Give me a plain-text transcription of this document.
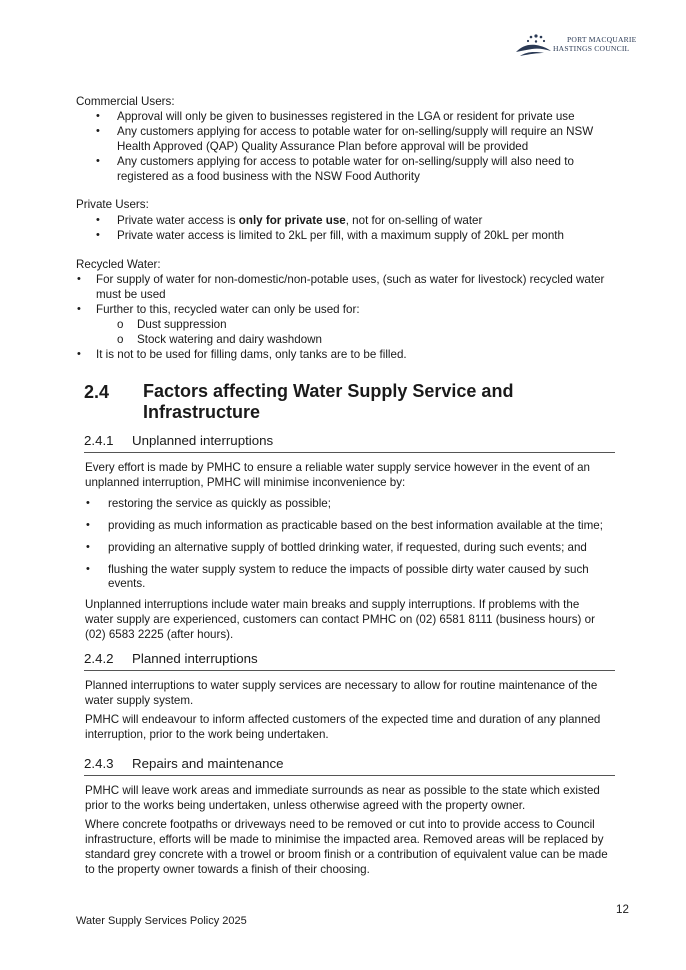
PORT MACQUARIE
HASTINGS COUNCIL
Commercial Users:
• Approval will only be given to businesses registered in the LGA or resident for private use
• Any customers applying for access to potable water for on-selling/supply will require an NSW
Health Approved (QAP) Quality Assurance Plan before approval will be provided
• Any customers applying for access to potable water for on-selling/supply will also need to
registered as a food business with the NSW Food Authority
Private Users:
• Private water access is only for private use, not for on-selling of water
• Private water access is limited to 2kL per fill, with a maximum supply of 20kL per month
Recycled Water:
• For supply of water for non-domestic/non-potable uses, (such as water for livestock) recycled water
must be used
• Further to this, recycled water can only be used for:
o Dust suppression
o Stock watering and dairy washdown
• It is not to be used for filling dams, only tanks are to be filled.
2.4 Factors affecting Water Supply Service and
Infrastructure
2.4.1 Unplanned interruptions
Every effort is made by PMHC to ensure a reliable water supply service however in the event of an
unplanned interruption, PMHC will minimise inconvenience by:
• restoring the service as quickly as possible;
• providing as much information as practicable based on the best information available at the time;
• providing an alternative supply of bottled drinking water, if requested, during such events; and
• flushing the water supply system to reduce the impacts of possible dirty water caused by such
events.
Unplanned interruptions include water main breaks and supply interruptions. If problems with the
water supply are experienced, customers can contact PMHC on (02) 6581 8111 (business hours) or
(02) 6583 2225 (after hours).
2.4.2 Planned interruptions
Planned interruptions to water supply services are necessary to allow for routine maintenance of the
water supply system.
PMHC will endeavour to inform affected customers of the expected time and duration of any planned
interruption, prior to the work being undertaken.
2.4.3 Repairs and maintenance
PMHC will leave work areas and immediate surrounds as near as possible to the state which existed
prior to the works being undertaken, unless otherwise agreed with the property owner.
Where concrete footpaths or driveways need to be removed or cut into to provide access to Council
infrastructure, efforts will be made to minimise the impacted area. Removed areas will be replaced by
standard grey concrete with a trowel or broom finish or a contribution of equivalent value can be made
to the property owner towards a finish of their choosing.
12
Water Supply Services Policy 2025
